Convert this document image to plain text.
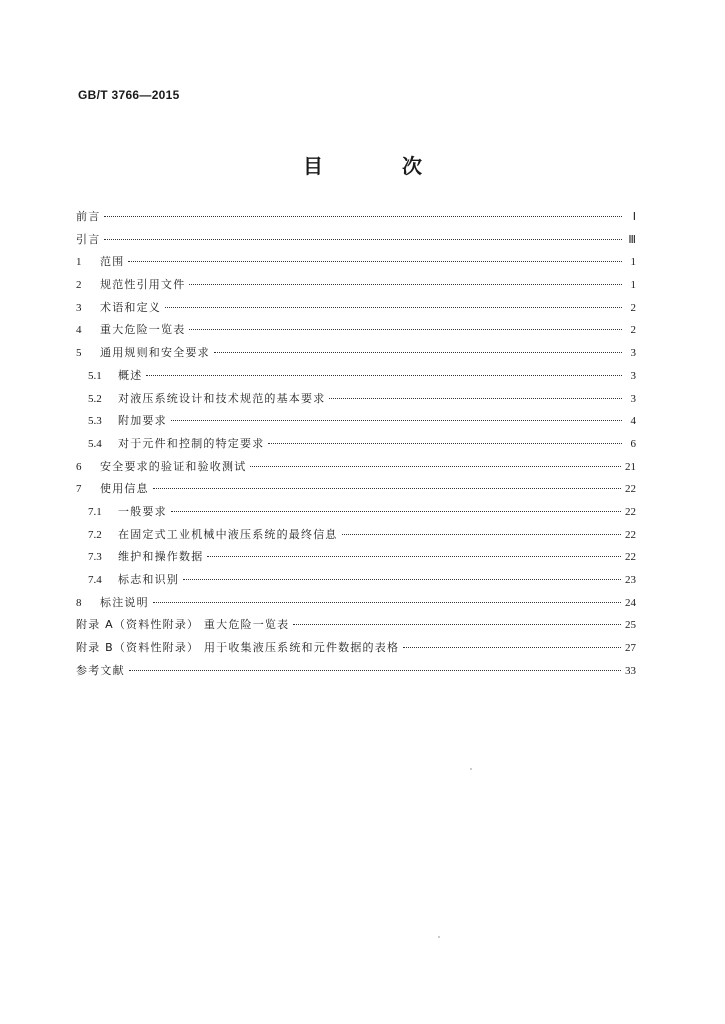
GB/T 3766—2015
目 次
前言	Ⅰ
引言	Ⅲ
1	范围	1
2	规范性引用文件	1
3	术语和定义	2
4	重大危险一览表	2
5	通用规则和安全要求	3
5.1	概述	3
5.2	对液压系统设计和技术规范的基本要求	3
5.3	附加要求	4
5.4	对于元件和控制的特定要求	6
6	安全要求的验证和验收测试	21
7	使用信息	22
7.1	一般要求	22
7.2	在固定式工业机械中液压系统的最终信息	22
7.3	维护和操作数据	22
7.4	标志和识别	23
8	标注说明	24
附录 A（资料性附录） 重大危险一览表	25
附录 B（资料性附录） 用于收集液压系统和元件数据的表格	27
参考文献	33
